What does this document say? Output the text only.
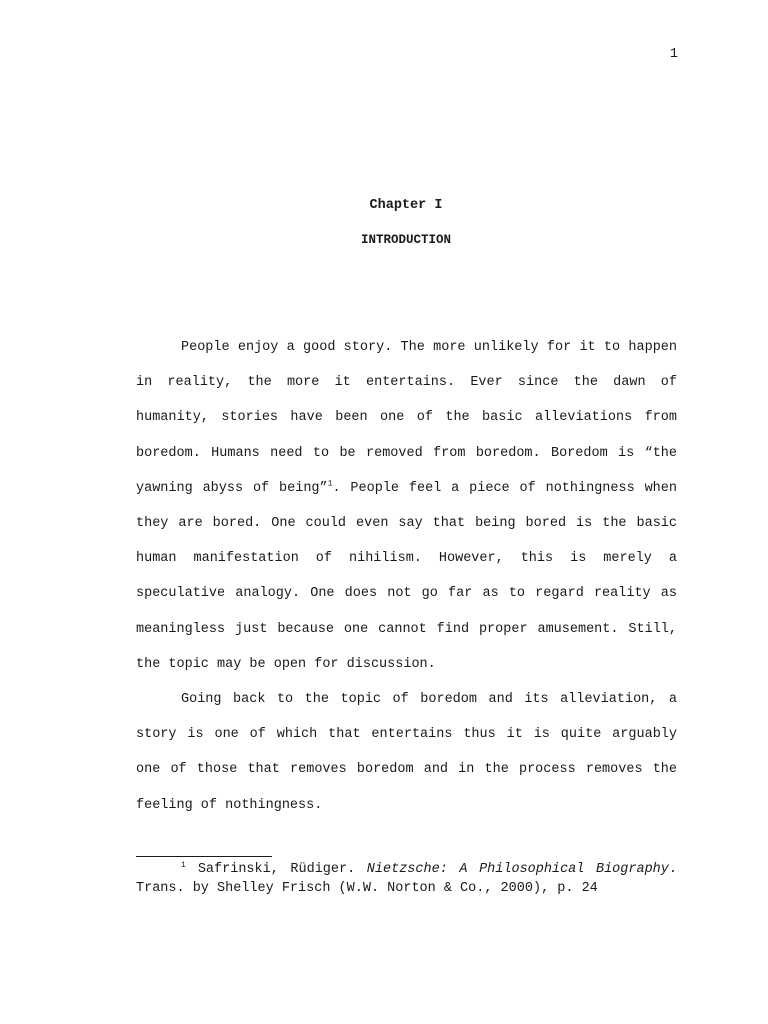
1
Chapter I
INTRODUCTION

People enjoy a good story. The more unlikely for it to happen in reality, the more it entertains. Ever since the dawn of humanity, stories have been one of the basic alleviations from boredom. Humans need to be removed from boredom. Boredom is “the yawning abyss of being”$^1$. People feel a piece of nothingness when they are bored. One could even say that being bored is the basic human manifestation of nihilism. However, this is merely a speculative analogy. One does not go far as to regard reality as meaningless just because one cannot find proper amusement. Still, the topic may be open for discussion.

Going back to the topic of boredom and its alleviation, a story is one of which that entertains thus it is quite arguably one of those that removes boredom and in the process removes the feeling of nothingness.

$^1$ Safrinski, Rüdiger. Nietzsche: A Philosophical Biography. Trans. by Shelley Frisch (W.W. Norton & Co., 2000), p. 24
